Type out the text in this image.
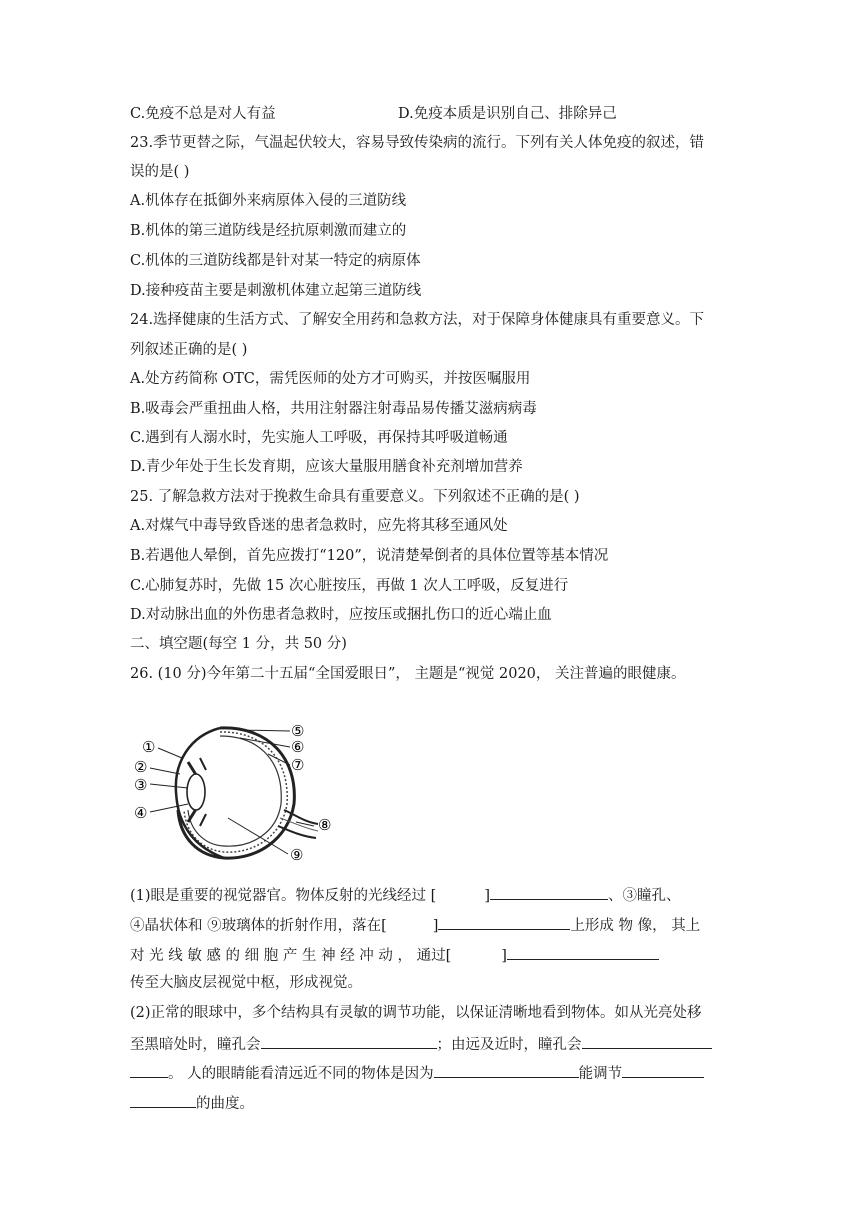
C.免疫不总是对人有益	D.免疫本质是识别自己、排除异己
23.季节更替之际，气温起伏较大，容易导致传染病的流行。下列有关人体免疫的叙述，错
误的是( )
A.机体存在抵御外来病原体入侵的三道防线
B.机体的第三道防线是经抗原刺激而建立的
C.机体的三道防线都是针对某一特定的病原体
D.接种疫苗主要是刺激机体建立起第三道防线
24.选择健康的生活方式、了解安全用药和急救方法，对于保障身体健康具有重要意义。下
列叙述正确的是( )
A.处方药简称 OTC，需凭医师的处方才可购买，并按医嘱服用
B.吸毒会严重扭曲人格，共用注射器注射毒品易传播艾滋病病毒
C.遇到有人溺水时，先实施人工呼吸，再保持其呼吸道畅通
D.青少年处于生长发育期，应该大量服用膳食补充剂增加营养
25. 了解急救方法对于挽救生命具有重要意义。下列叙述不正确的是( )
A.对煤气中毒导致昏迷的患者急救时，应先将其移至通风处
B.若遇他人晕倒，首先应拨打“120”，说清楚晕倒者的具体位置等基本情况
C.心肺复苏时，先做 15 次心脏按压，再做 1 次人工呼吸，反复进行
D.对动脉出血的外伤患者急救时，应按压或捆扎伤口的近心端止血
二、填空题(每空 1 分，共 50 分)
26. (10 分)今年第二十五届“全国爱眼日”， 主题是“视觉 2020， 关注普遍的眼健康。
①
②
③
④
⑤
⑥
⑦
⑧
⑨
(1)眼是重要的视觉器官。物体反射的光线经过 [	]	、③瞳孔、
④晶状体和 ⑨玻璃体的折射作用，落在[	]	上形成 物 像， 其上
对 光 线 敏 感 的 细 胞 产 生 神 经 冲 动 ， 通过[	]
传至大脑皮层视觉中枢，形成视觉。
(2)正常的眼球中，多个结构具有灵敏的调节功能，以保证清晰地看到物体。如从光亮处移
至黑暗处时，瞳孔会	；由远及近时，瞳孔会
。 人的眼睛能看清远近不同的物体是因为	能调节
的曲度。
